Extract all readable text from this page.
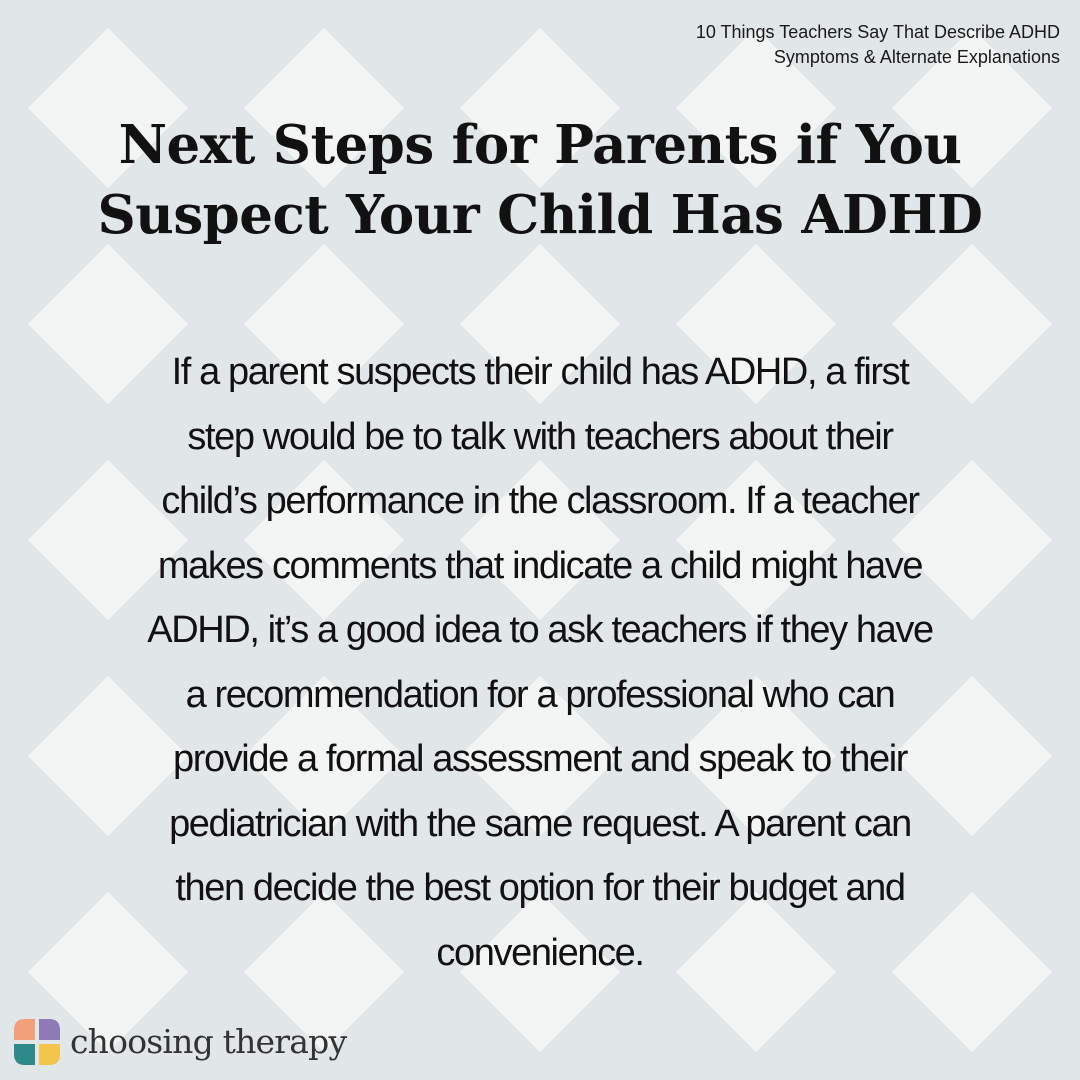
10 Things Teachers Say That Describe ADHD
Symptoms & Alternate Explanations
Next Steps for Parents if You
Suspect Your Child Has ADHD
If a parent suspects their child has ADHD, a first
step would be to talk with teachers about their
child’s performance in the classroom. If a teacher
makes comments that indicate a child might have
ADHD, it’s a good idea to ask teachers if they have
a recommendation for a professional who can
provide a formal assessment and speak to their
pediatrician with the same request. A parent can
then decide the best option for their budget and
convenience.
choosing therapy
